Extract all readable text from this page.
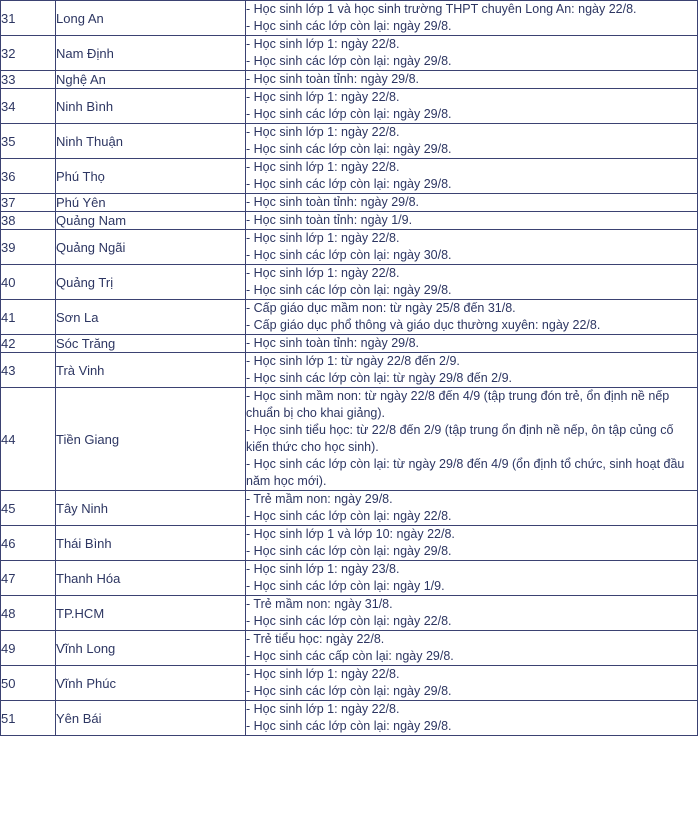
31	Long An	- Học sinh lớp 1 và học sinh trường THPT chuyên Long An: ngày 22/8.
- Học sinh các lớp còn lại: ngày 29/8.

32	Nam Định	- Học sinh lớp 1: ngày 22/8.
- Học sinh các lớp còn lại: ngày 29/8.

33	Nghệ An	- Học sinh toàn tỉnh: ngày 29/8.

34	Ninh Bình	- Học sinh lớp 1: ngày 22/8.
- Học sinh các lớp còn lại: ngày 29/8.

35	Ninh Thuận	- Học sinh lớp 1: ngày 22/8.
- Học sinh các lớp còn lại: ngày 29/8.

36	Phú Thọ	- Học sinh lớp 1: ngày 22/8.
- Học sinh các lớp còn lại: ngày 29/8.

37	Phú Yên	- Học sinh toàn tỉnh: ngày 29/8.

38	Quảng Nam	- Học sinh toàn tỉnh: ngày 1/9.

39	Quảng Ngãi	- Học sinh lớp 1: ngày 22/8.
- Học sinh các lớp còn lại: ngày 30/8.

40	Quảng Trị	- Học sinh lớp 1: ngày 22/8.
- Học sinh các lớp còn lại: ngày 29/8.

41	Sơn La	- Cấp giáo dục mầm non: từ ngày 25/8 đến 31/8.
- Cấp giáo dục phổ thông và giáo dục thường xuyên: ngày 22/8.

42	Sóc Trăng	- Học sinh toàn tỉnh: ngày 29/8.

43	Trà Vinh	- Học sinh lớp 1: từ ngày 22/8 đến 2/9.
- Học sinh các lớp còn lại: từ ngày 29/8 đến 2/9.

44	Tiền Giang	- Học sinh mầm non: từ ngày 22/8 đến 4/9 (tập trung đón trẻ, ổn định nề nếp chuẩn bị cho khai giảng).
- Học sinh tiểu học: từ 22/8 đến 2/9 (tập trung ổn định nề nếp, ôn tập củng cố kiến thức cho học sinh).
- Học sinh các lớp còn lại: từ ngày 29/8 đến 4/9 (ổn định tổ chức, sinh hoạt đầu năm học mới).

45	Tây Ninh	- Trẻ mầm non: ngày 29/8.
- Học sinh các lớp còn lại: ngày 22/8.

46	Thái Bình	- Học sinh lớp 1 và lớp 10: ngày 22/8.
- Học sinh các lớp còn lại: ngày 29/8.

47	Thanh Hóa	- Học sinh lớp 1: ngày 23/8.
- Học sinh các lớp còn lại: ngày 1/9.

48	TP.HCM	- Trẻ mầm non: ngày 31/8.
- Học sinh các lớp còn lại: ngày 22/8.

49	Vĩnh Long	- Trẻ tiểu học: ngày 22/8.
- Học sinh các cấp còn lại: ngày 29/8.

50	Vĩnh Phúc	- Học sinh lớp 1: ngày 22/8.
- Học sinh các lớp còn lại: ngày 29/8.

51	Yên Bái	- Học sinh lớp 1: ngày 22/8.
- Học sinh các lớp còn lại: ngày 29/8.
